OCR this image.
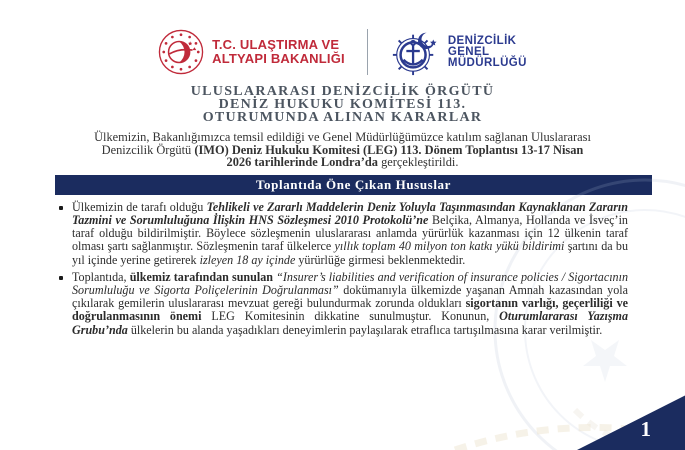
T.C. ULAŞTIRMA VE
ALTYAPI BAKANLIĞI
DENİZCİLİK
GENEL
MÜDÜRLÜĞÜ
ULUSLARARASI DENİZCİLİK ÖRGÜTÜ
DENİZ HUKUKU KOMİTESİ 113.
OTURUMUNDA ALINAN KARARLAR

Ülkemizin, Bakanlığımızca temsil edildiği ve Genel Müdürlüğümüzce katılım sağlanan Uluslararası Denizcilik Örgütü (IMO) Deniz Hukuku Komitesi (LEG) 113. Dönem Toplantısı 13-17 Nisan 2026 tarihlerinde Londra’da gerçekleştirildi.

Toplantıda Öne Çıkan Hususlar
Ülkemizin de tarafı olduğu Tehlikeli ve Zararlı Maddelerin Deniz Yoluyla Taşınmasından Kaynaklanan Zararın Tazmini ve Sorumluluğuna İlişkin HNS Sözleşmesi 2010 Protokolü’ne Belçika, Almanya, Hollanda ve İsveç’in taraf olduğu bildirilmiştir. Böylece sözleşmenin uluslararası anlamda yürürlük kazanması için 12 ülkenin taraf olması şartı sağlanmıştır. Sözleşmenin taraf ülkelerce yıllık toplam 40 milyon ton katkı yükü bildirimi şartını da bu yıl içinde yerine getirerek izleyen 18 ay içinde yürürlüğe girmesi beklenmektedir.
Toplantıda, ülkemiz tarafından sunulan “Insurer’s liabilities and verification of insurance policies / Sigortacının Sorumluluğu ve Sigorta Poliçelerinin Doğrulanması” dokümanıyla ülkemizde yaşanan Amnah kazasından yola çıkılarak gemilerin uluslararası mevzuat gereği bulundurmak zorunda oldukları sigortanın varlığı, geçerliliği ve doğrulanmasının önemi LEG Komitesinin dikkatine sunulmuştur. Konunun, Oturumlararası Yazışma Grubu’nda ülkelerin bu alanda yaşadıkları deneyimlerin paylaşılarak etraflıca tartışılmasına karar verilmiştir.
1
